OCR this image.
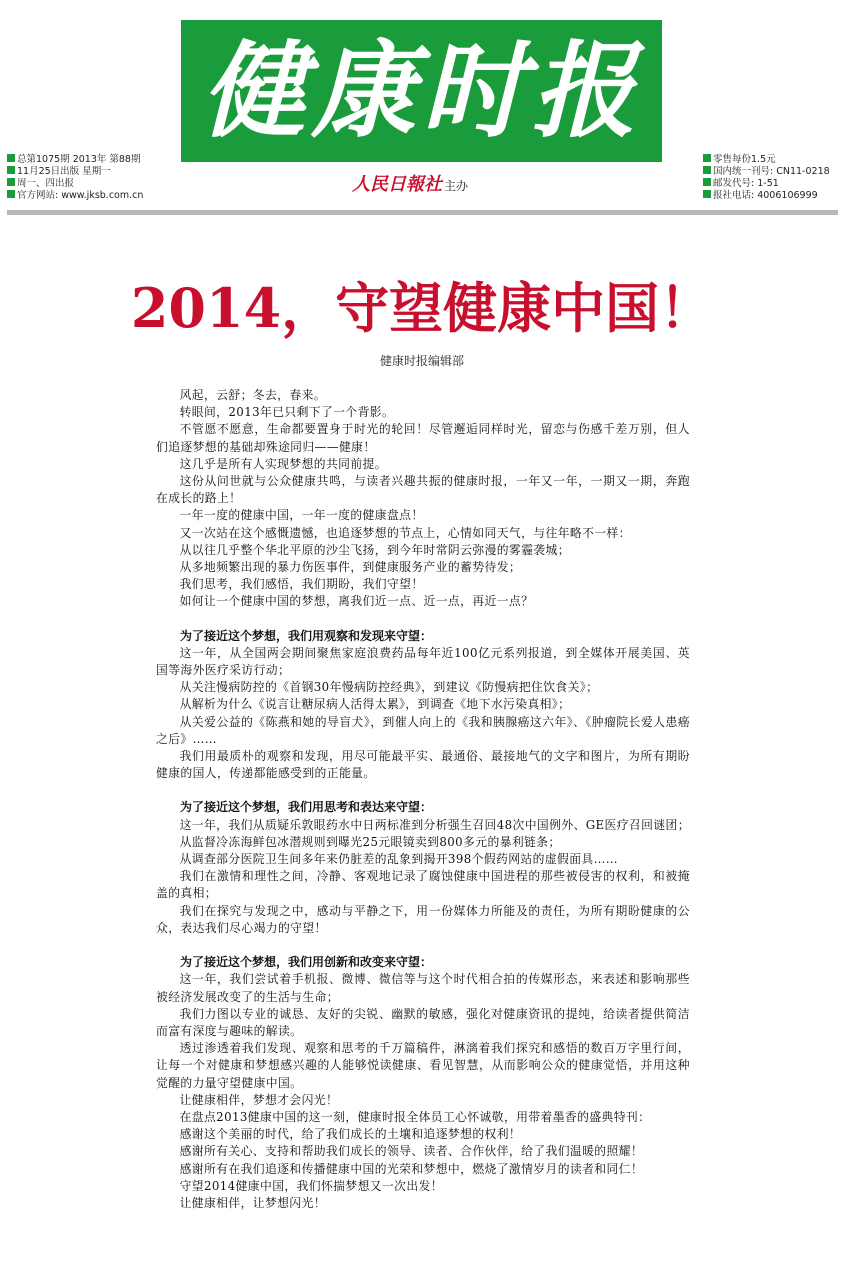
健康时报
总第1075期 2013年 第88期
11月25日出版 星期一
周一、四出报
官方网站: www.jksb.com.cn
零售每份1.5元
国内统一刊号: CN11-0218
邮发代号: 1-51
报社电话: 4006106999
人民日報社 主办
2014，守望健康中国！
健康时报编辑部

风起，云舒；冬去，春来。

转眼间，2013年已只剩下了一个背影。

不管愿不愿意，生命都要置身于时光的轮回！尽管邂逅同样时光，留恋与伤感千差万别，但人们追逐梦想的基础却殊途同归——健康！

这几乎是所有人实现梦想的共同前提。

这份从问世就与公众健康共鸣，与读者兴趣共振的健康时报，一年又一年，一期又一期，奔跑在成长的路上！

一年一度的健康中国，一年一度的健康盘点！

又一次站在这个感慨遗憾，也追逐梦想的节点上，心情如同天气，与往年略不一样：

从以往几乎整个华北平原的沙尘飞扬，到今年时常阴云弥漫的雾霾袭城；

从多地频繁出现的暴力伤医事件，到健康服务产业的蓄势待发；

我们思考，我们感悟，我们期盼，我们守望！

如何让一个健康中国的梦想，离我们近一点、近一点，再近一点？

为了接近这个梦想，我们用观察和发现来守望：

这一年，从全国两会期间聚焦家庭浪费药品每年近100亿元系列报道，到全媒体开展美国、英国等海外医疗采访行动；

从关注慢病防控的《首钢30年慢病防控经典》，到建议《防慢病把住饮食关》；

从解析为什么《说言让糖尿病人活得太累》，到调查《地下水污染真相》；

从关爱公益的《陈燕和她的导盲犬》，到催人向上的《我和胰腺癌这六年》、《肿瘤院长爱人患癌之后》……

我们用最质朴的观察和发现，用尽可能最平实、最通俗、最接地气的文字和图片，为所有期盼健康的国人，传递都能感受到的正能量。

为了接近这个梦想，我们用思考和表达来守望：

这一年，我们从质疑乐敦眼药水中日两标准到分析强生召回48次中国例外、GE医疗召回谜团；

从监督冷冻海鲜包冰潜规则到曝光25元眼镜卖到800多元的暴利链条；

从调查部分医院卫生间多年来仍脏差的乱象到揭开398个假药网站的虚假面具……

我们在激情和理性之间，冷静、客观地记录了腐蚀健康中国进程的那些被侵害的权利，和被掩盖的真相；

我们在探究与发现之中，感动与平静之下，用一份媒体力所能及的责任，为所有期盼健康的公众，表达我们尽心竭力的守望！

为了接近这个梦想，我们用创新和改变来守望：

这一年，我们尝试着手机报、微博、微信等与这个时代相合拍的传媒形态，来表述和影响那些被经济发展改变了的生活与生命；

我们力图以专业的诚恳、友好的尖锐、幽默的敏感，强化对健康资讯的提纯，给读者提供简洁而富有深度与趣味的解读。

透过渗透着我们发现、观察和思考的千万篇稿件，淋漓着我们探究和感悟的数百万字里行间，让每一个对健康和梦想感兴趣的人能够悦读健康、看见智慧，从而影响公众的健康觉悟，并用这种觉醒的力量守望健康中国。

让健康相伴，梦想才会闪光！

在盘点2013健康中国的这一刻，健康时报全体员工心怀诚敬，用带着墨香的盛典特刊：

感谢这个美丽的时代，给了我们成长的土壤和追逐梦想的权利！

感谢所有关心、支持和帮助我们成长的领导、读者、合作伙伴，给了我们温暖的照耀！

感谢所有在我们追逐和传播健康中国的光荣和梦想中，燃烧了激情岁月的读者和同仁！

守望2014健康中国，我们怀揣梦想又一次出发！

让健康相伴，让梦想闪光！
